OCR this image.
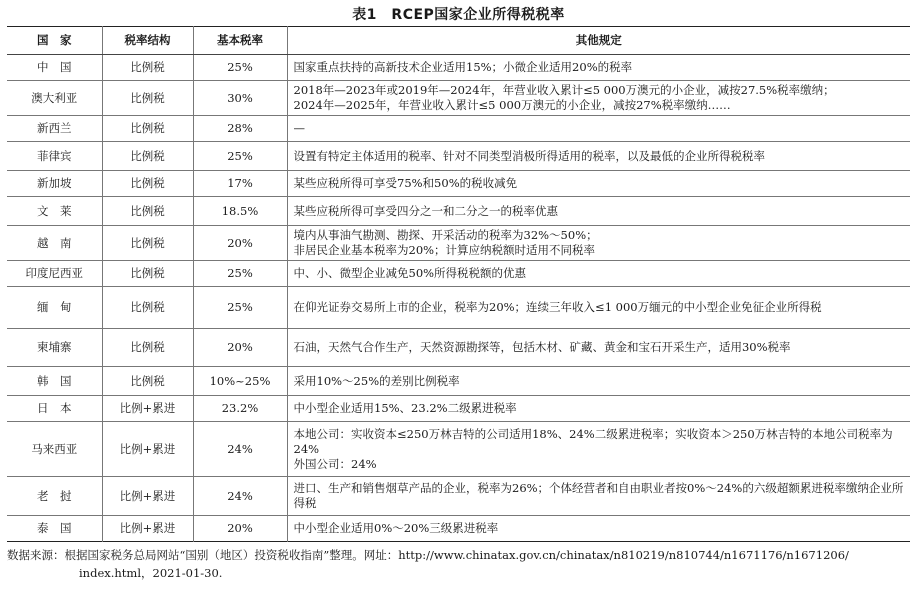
表1　RCEP国家企业所得税税率
国　家	税率结构	基本税率	其他规定
中　国	比例税	25%	国家重点扶持的高新技术企业适用15%；小微企业适用20%的税率

澳大利亚	比例税	30%	2018年—2023年或2019年—2024年，年营业收入累计≤5 000万澳元的小企业，减按27.5%税率缴纳；
2024年—2025年，年营业收入累计≤5 000万澳元的小企业，减按27%税率缴纳……

新西兰	比例税	28%	—

菲律宾	比例税	25%	设置有特定主体适用的税率、针对不同类型消极所得适用的税率，以及最低的企业所得税税率

新加坡	比例税	17%	某些应税所得可享受75%和50%的税收减免

文　莱	比例税	18.5%	某些应税所得可享受四分之一和二分之一的税率优惠

越　南	比例税	20%	境内从事油气勘测、勘探、开采活动的税率为32%～50%；
非居民企业基本税率为20%；计算应纳税额时适用不同税率

印度尼西亚	比例税	25%	中、小、微型企业减免50%所得税税额的优惠

缅　甸	比例税	25%	在仰光证券交易所上市的企业，税率为20%；连续三年收入≤1 000万缅元的中小型企业免征企业所得税

柬埔寨	比例税	20%	石油，天然气合作生产，天然资源勘探等，包括木材、矿藏、黄金和宝石开采生产，适用30%税率

韩　国	比例税	10%~25%	采用10%～25%的差别比例税率

日　本	比例+累进	23.2%	中小型企业适用15%、23.2%二级累进税率

马来西亚	比例+累进	24%	本地公司：实收资本≤250万林吉特的公司适用18%、24%二级累进税率；实收资本＞250万林吉特的本地公司税率为24%
外国公司：24%

老　挝	比例+累进	24%	进口、生产和销售烟草产品的企业，税率为26%；个体经营者和自由职业者按0%～24%的六级超额累进税率缴纳企业所得税

泰　国	比例+累进	20%	中小型企业适用0%～20%三级累进税率
数据来源：根据国家税务总局网站“国别（地区）投资税收指南”整理。网址：http://www.chinatax.gov.cn/chinatax/n810219/n810744/n1671176/n1671206/
index.html，2021-01-30.
